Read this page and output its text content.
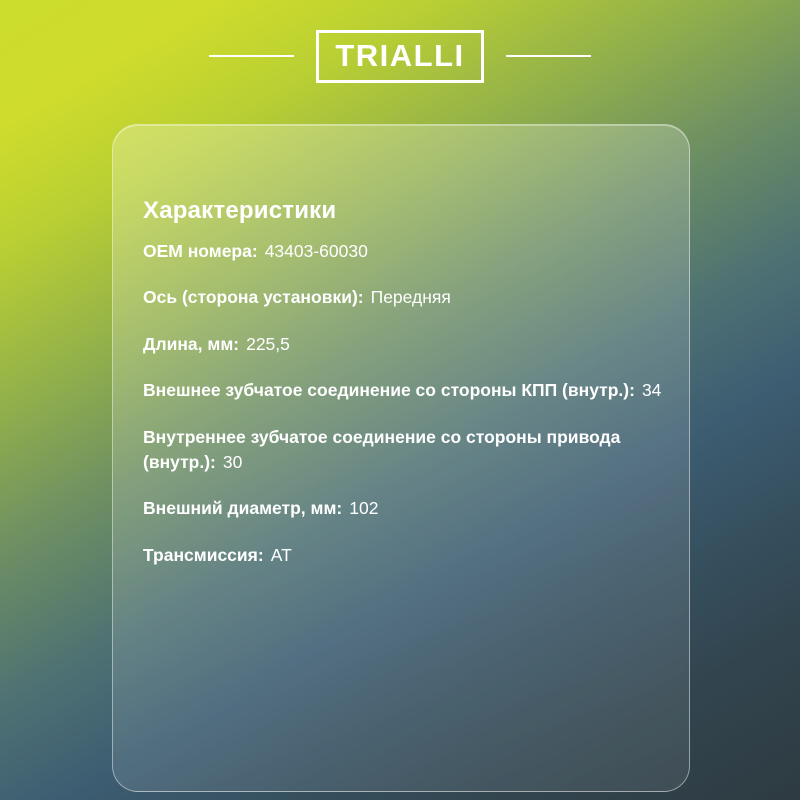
TRIALLI
Характеристики
OEM номера: 43403-60030
Ось (сторона установки): Передняя
Длина, мм: 225,5
Внешнее зубчатое соединение со стороны КПП (внутр.): 34
Внутреннее зубчатое соединение со стороны привода (внутр.): 30
Внешний диаметр, мм: 102
Трансмиссия: AT
